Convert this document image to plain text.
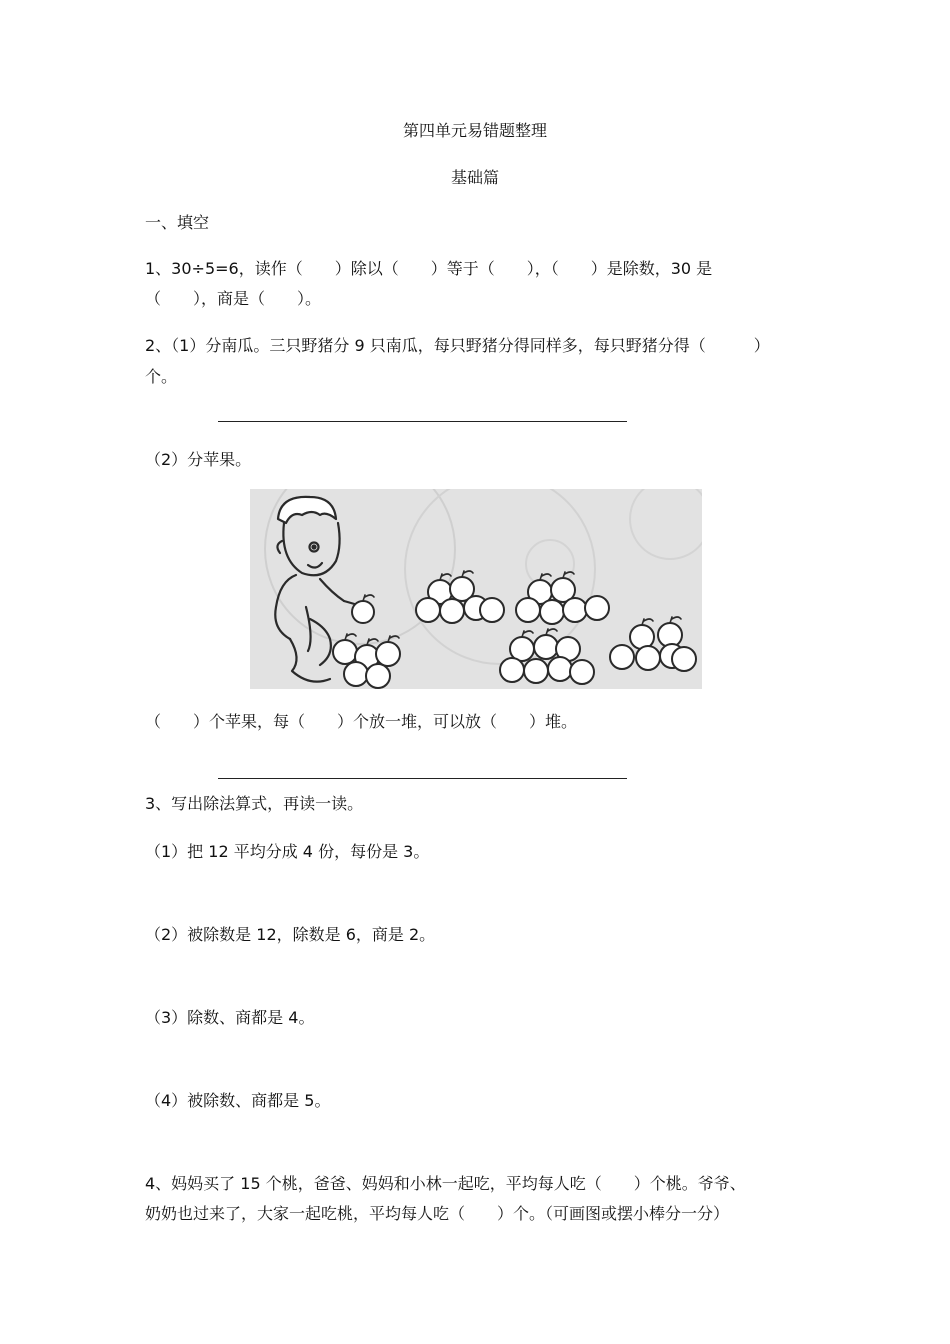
第四单元易错题整理
基础篇
一、填空
1、30÷5=6，读作（　　）除以（　　）等于（　　），（　　）是除数，30 是
（　　），商是（　　）。
2、（1）分南瓜。三只野猪分 9 只南瓜，每只野猪分得同样多，每只野猪分得（　　　）
个。
（2）分苹果。
（　　）个苹果，每（　　）个放一堆，可以放（　　）堆。
3、写出除法算式，再读一读。
（1）把 12 平均分成 4 份，每份是 3。
（2）被除数是 12，除数是 6，商是 2。
（3）除数、商都是 4。
（4）被除数、商都是 5。
4、妈妈买了 15 个桃，爸爸、妈妈和小林一起吃，平均每人吃（　　）个桃。爷爷、
奶奶也过来了，大家一起吃桃，平均每人吃（　　）个。（可画图或摆小棒分一分）
